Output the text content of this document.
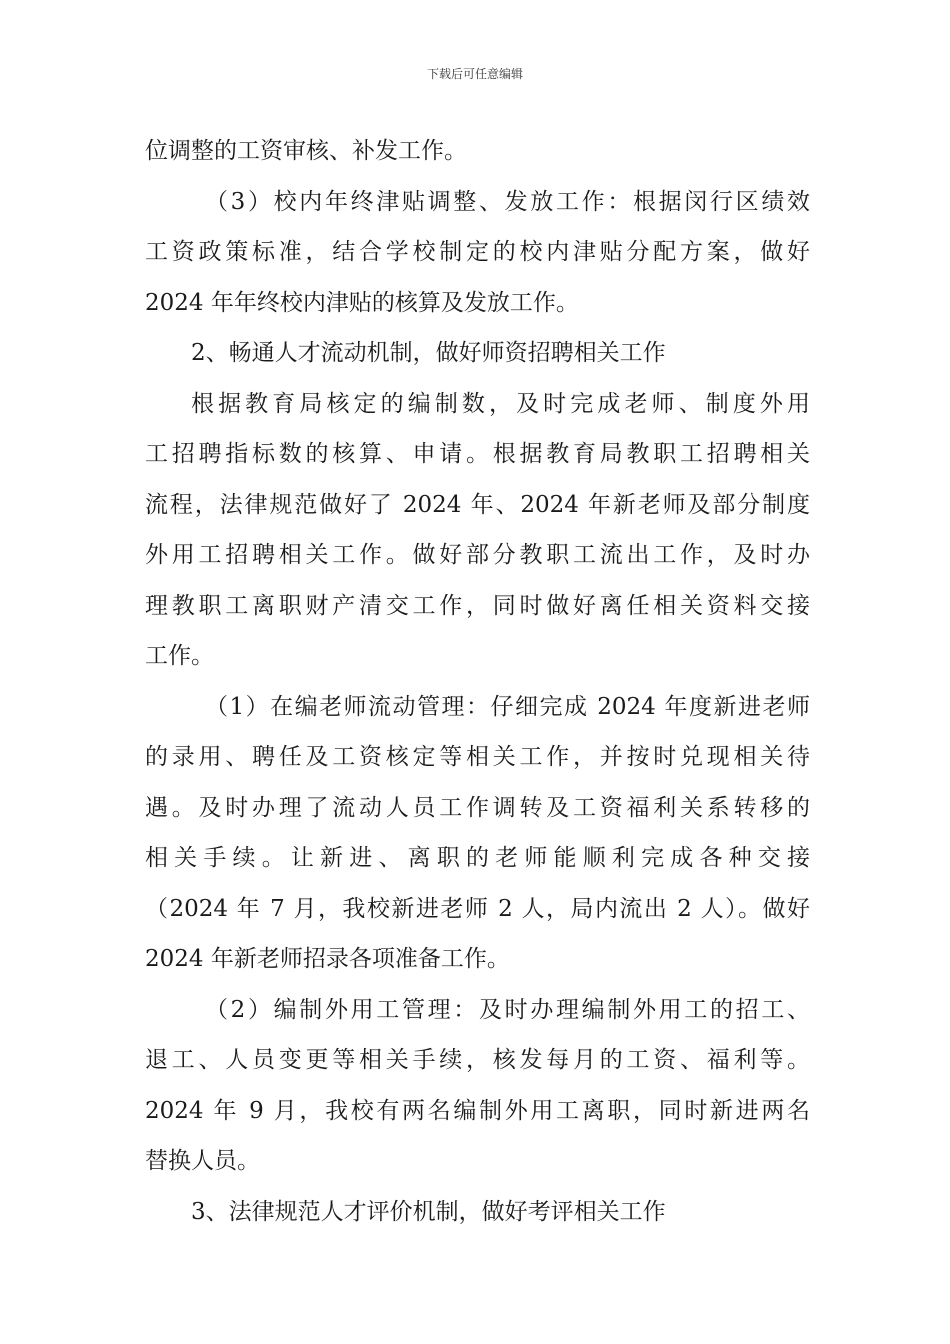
下载后可任意编辑
位调整的工资审核、补发工作。
（3）校内年终津贴调整、发放工作：根据闵行区绩效
工资政策标准，结合学校制定的校内津贴分配方案，做好
2024 年年终校内津贴的核算及发放工作。
2、畅通人才流动机制，做好师资招聘相关工作
根据教育局核定的编制数，及时完成老师、制度外用
工招聘指标数的核算、申请。根据教育局教职工招聘相关
流程，法律规范做好了 2024 年、2024 年新老师及部分制度
外用工招聘相关工作。做好部分教职工流出工作，及时办
理教职工离职财产清交工作，同时做好离任相关资料交接
工作。
（1）在编老师流动管理：仔细完成 2024 年度新进老师
的录用、聘任及工资核定等相关工作，并按时兑现相关待
遇。及时办理了流动人员工作调转及工资福利关系转移的
相关手续。让新进、离职的老师能顺利完成各种交接
（2024 年 7 月，我校新进老师 2 人，局内流出 2 人）。做好
2024 年新老师招录各项准备工作。
（2）编制外用工管理：及时办理编制外用工的招工、
退工、人员变更等相关手续，核发每月的工资、福利等。
2024 年 9 月，我校有两名编制外用工离职，同时新进两名
替换人员。
3、法律规范人才评价机制，做好考评相关工作
